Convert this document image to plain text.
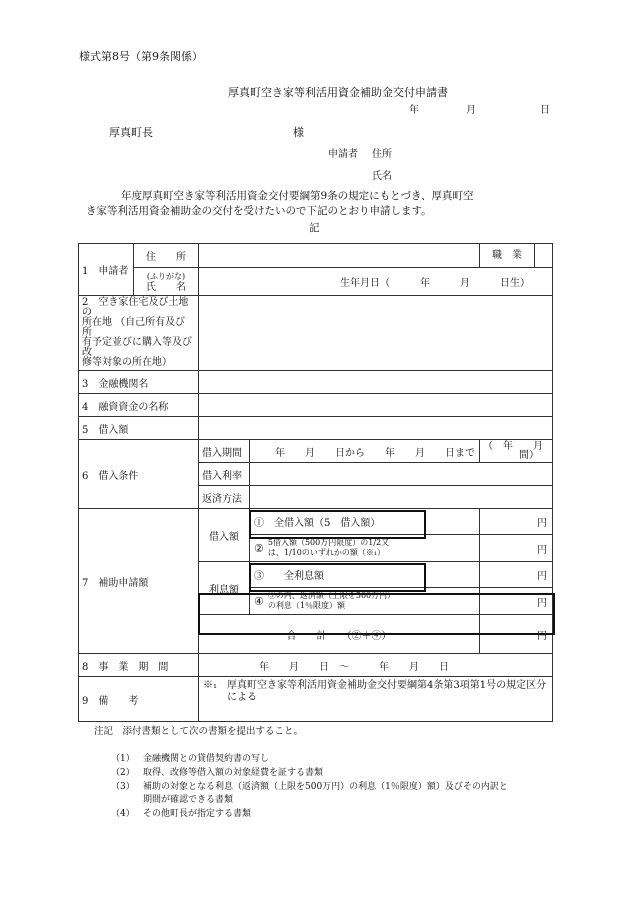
様式第8号（第9条関係）
厚真町空き家等利活用資金補助金交付申請書
年	月	日
厚真町長	様
申請者 住所
氏名
年度厚真町空き家等利活用資金交付要綱第9条の規定にもとづき、厚真町空
き家等利活用資金補助金の交付を受けたいので下記のとおり申請します。
記
1　申請者	住　　所			職　業

	(ふりがな)
氏　　名	生年月日（　　　年　　　月　　　日生）		

2　空き家住宅及び土地の
所在地 （自己所有及び所
有予定並びに購入等及び改
修等対象の所在地）				

3　金融機関名				
4　融資資金の名称				
5　借入額				
6　借入条件		借入期間	年　　月　　日から　　年　　月　　日まで	（　年　　月
間）

		借入利率		
		返済方法		
7　補助申請額		借入額	①　全借入額（5　借入額）	円

			② 5借入額（500万円限度）の1/2又
は、1/10のいずれかの額（※₁）	円
		利息額	③　　全利息額	円

			④ ③の内、返済額（上限を500万円）
の利息（1％限度）額	円
		合　　計　　（②＋④）		円
8　事　業　期　間		年　　月　　日　～　　　年　　月　　日		
9　備　　考		※₁　厚真町空き家等利活用資金補助金交付要綱第4条第3項第1号の規定区分
による		
注記　添付書類として次の書類を提出すること。
（1） 金融機関との貸借契約書の写し
（2） 取得、改修等借入額の対象経費を証する書類
（3） 補助の対象となる利息（返済額（上限を500万円）の利息（1％限度）額）及びその内訳と
期間が確認できる書類
（4） その他町長が指定する書類
